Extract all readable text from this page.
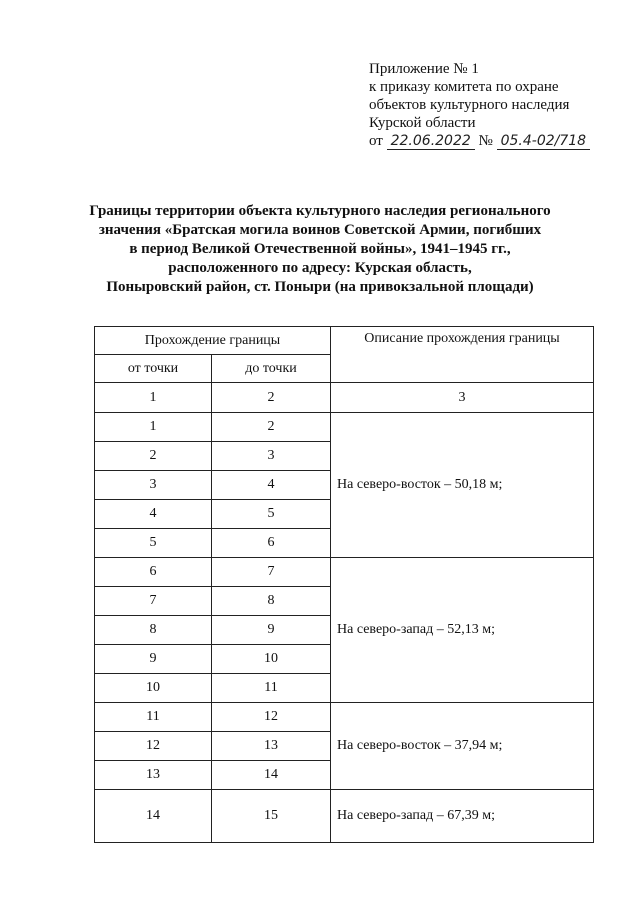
Приложение № 1
к приказу комитета по охране
объектов культурного наследия
Курской области
от 22.06.2022 № 05.4-02/718
Границы территории объекта культурного наследия регионального
значения «Братская могила воинов Советской Армии, погибших
в период Великой Отечественной войны», 1941–1945 гг.,
расположенного по адресу: Курская область,
Поныровский район, ст. Поныри (на привокзальной площади)
Прохождение границы		Описание прохождения границы
от точки	до точки	
1	2	3
1	2	На северо-восток – 50,18 м;
2	3	
3	4	
4	5	
5	6	
6	7	На северо-запад – 52,13 м;
7	8	
8	9	
9	10	
10	11	
11	12	На северо-восток – 37,94 м;
12	13	
13	14	
14	15	На северо-запад – 67,39 м;
